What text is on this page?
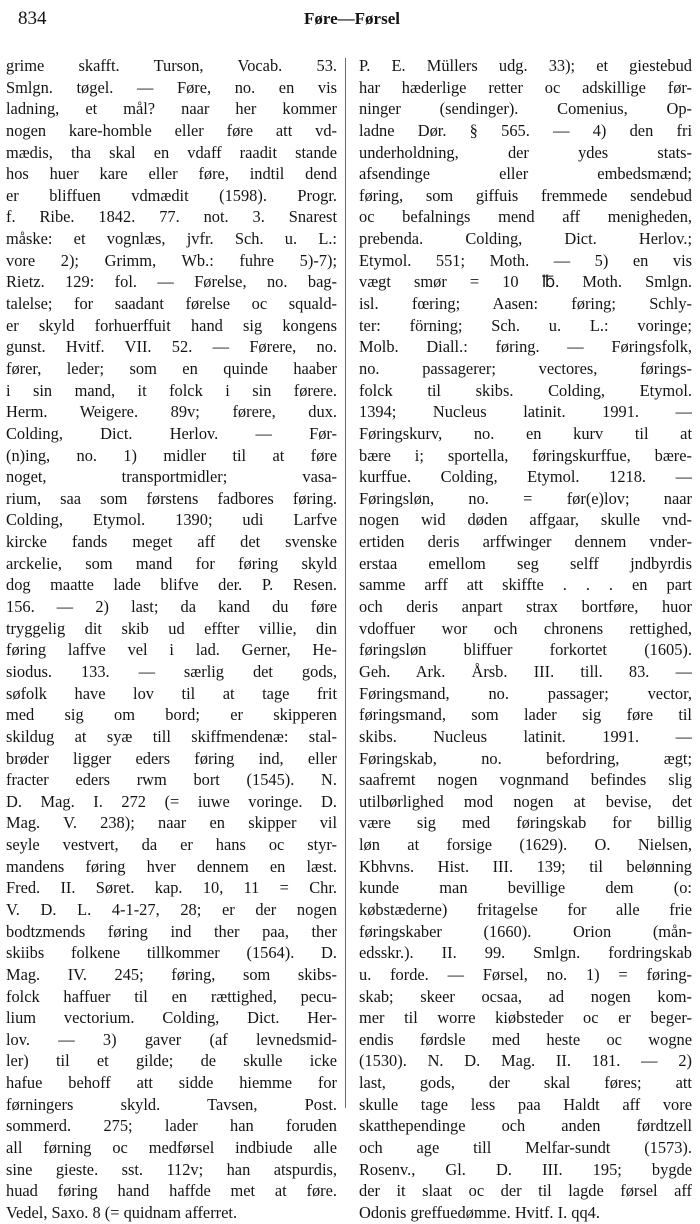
834	Føre—Førsel
grime skafft. Turson, Vocab. 53.
Smlgn. tøgel. — Føre, no. en vis
ladning, et mål? naar her kommer
nogen kare-homble eller føre att vd-
mædis, tha skal en vdaff raadit stande
hos huer kare eller føre, indtil dend
er bliffuen vdmædit (1598). Progr.
f. Ribe. 1842. 77. not. 3. Snarest
måske: et vognlæs, jvfr. Sch. u. L.:
vore 2); Grimm, Wb.: fuhre 5)-7);
Rietz. 129: fol. — Førelse, no. bag-
talelse; for saadant førelse oc squald-
er skyld forhuerffuit hand sig kongens
gunst. Hvitf. VII. 52. — Førere, no.
fører, leder; som en quinde haaber
i sin mand, it folck i sin førere.
Herm. Weigere. 89v; førere, dux.
Colding, Dict. Herlov. — Før-
(n)ing, no. 1) midler til at føre
noget, transportmidler; vasa-
rium, saa som førstens fadbores føring.
Colding, Etymol. 1390; udi Larfve
kircke fands meget aff det svenske
arckelie, som mand for føring skyld
dog maatte lade blifve der. P. Resen.
156. — 2) last; da kand du føre
tryggelig dit skib ud effter villie, din
føring laffve vel i lad. Gerner, He-
siodus. 133. — særlig det gods,
søfolk have lov til at tage frit
med sig om bord; er skipperen
skildug at syæ till skiffmendenæ: stal-
brøder ligger eders føring ind, eller
fracter eders rwm bort (1545). N.
D. Mag. I. 272 (= iuwe voringe. D.
Mag. V. 238); naar en skipper vil
seyle vestvert, da er hans oc styr-
mandens føring hver dennem en læst.
Fred. II. Søret. kap. 10, 11 = Chr.
V. D. L. 4-1-27, 28; er der nogen
bodtzmends føring ind ther paa, ther
skiibs folkene tillkommer (1564). D.
Mag. IV. 245; føring, som skibs-
folck haffuer til en rættighed, pecu-
lium vectorium. Colding, Dict. Her-
lov. — 3) gaver (af levnedsmid-
ler) til et gilde; de skulle icke
hafue behoff att sidde hiemme for
førningers skyld. Tavsen, Post.
sommerd. 275; lader han foruden
all førning oc medførsel indbiude alle
sine gieste. sst. 112v; han atspurdis,
huad føring hand haffde met at føre.
Vedel, Saxo. 8 (= quidnam afferret.
P. E. Müllers udg. 33); et giestebud
har hæderlige retter oc adskillige før-
ninger (sendinger). Comenius, Op-
ladne Dør. § 565. — 4) den fri
underholdning, der ydes stats-
afsendinge eller embedsmænd;
føring, som giffuis fremmede sendebud
oc befalnings mend aff menigheden,
prebenda. Colding, Dict. Herlov.;
Etymol. 551; Moth. — 5) en vis
vægt smør = 10 ℔. Moth. Smlgn.
isl. fœring; Aasen: føring; Schly-
ter: förning; Sch. u. L.: voringe;
Molb. Diall.: føring. — Føringsfolk,
no. passagerer; vectores, førings-
folck til skibs. Colding, Etymol.
1394; Nucleus latinit. 1991. —
Føringskurv, no. en kurv til at
bære i; sportella, føringskurffue, bære-
kurffue. Colding, Etymol. 1218. —
Føringsløn, no. = før(e)lov; naar
nogen wid døden affgaar, skulle vnd-
ertiden deris arffwinger dennem vnder-
erstaa emellom seg selff jndbyrdis
samme arff att skiffte . . . en part
och deris anpart strax bortføre, huor
vdoffuer wor och chronens rettighed,
føringsløn bliffuer forkortet (1605).
Geh. Ark. Årsb. III. till. 83. —
Føringsmand, no. passager; vector,
føringsmand, som lader sig føre til
skibs. Nucleus latinit. 1991. —
Føringskab, no. befordring, ægt;
saafremt nogen vognmand befindes slig
utilbørlighed mod nogen at bevise, det
være sig med føringskab for billig
løn at forsige (1629). O. Nielsen,
Kbhvns. Hist. III. 139; til belønning
kunde man bevillige dem (o:
købstæderne) fritagelse for alle frie
føringskaber (1660). Orion (mån-
edsskr.). II. 99. Smlgn. fordringskab
u. forde. — Førsel, no. 1) = føring-
skab; skeer ocsaa, ad nogen kom-
mer til worre kiøbsteder oc er beger-
endis førdsle med heste oc wogne
(1530). N. D. Mag. II. 181. — 2)
last, gods, der skal føres; att
skulle tage less paa Haldt aff vore
skatthependinge och anden førdtzell
och age till Melfar-sundt (1573).
Rosenv., Gl. D. III. 195; bygde
der it slaat oc der til lagde førsel aff
Odonis greffuedømme. Hvitf. I. qq4.
